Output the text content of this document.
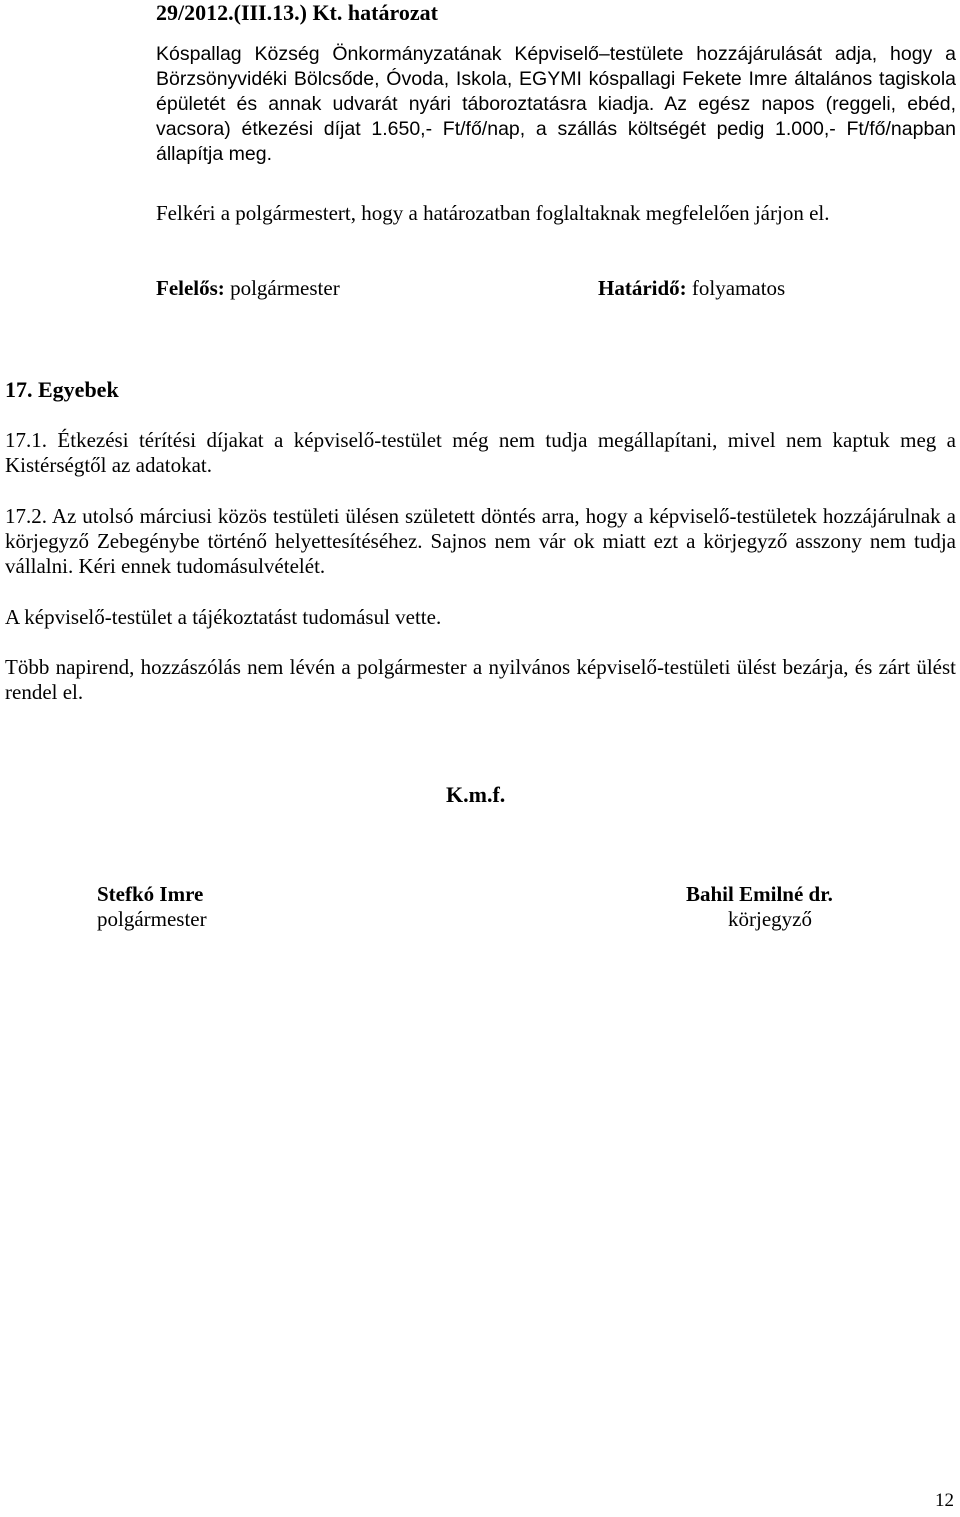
29/2012.(III.13.) Kt. határozat
Kóspallag Község Önkormányzatának Képviselő–testülete hozzájárulását adja, hogy a Börzsönyvidéki Bölcsőde, Óvoda, Iskola, EGYMI kóspallagi Fekete Imre általános tagiskola épületét és annak udvarát nyári táboroztatásra kiadja. Az egész napos (reggeli, ebéd, vacsora) étkezési díjat 1.650,- Ft/fő/nap, a szállás költségét pedig 1.000,- Ft/fő/napban állapítja meg.
Felkéri a polgármestert, hogy a határozatban foglaltaknak megfelelően járjon el.
Felelős: polgármester	Határidő: folyamatos
17. Egyebek
17.1. Étkezési térítési díjakat a képviselő-testület még nem tudja megállapítani, mivel nem kaptuk meg a Kistérségtől az adatokat.
17.2. Az utolsó márciusi közös testületi ülésen született döntés arra, hogy a képviselő-testületek hozzájárulnak a körjegyző Zebegénybe történő helyettesítéséhez. Sajnos nem vár ok miatt ezt a körjegyző asszony nem tudja vállalni. Kéri ennek tudomásulvételét.
A képviselő-testület a tájékoztatást tudomásul vette.
Több napirend, hozzászólás nem lévén a polgármester a nyilvános képviselő-testületi ülést bezárja, és zárt ülést rendel el.
K.m.f.
Stefkó Imre
polgármester
Bahil Emilné dr.
körjegyző
12
